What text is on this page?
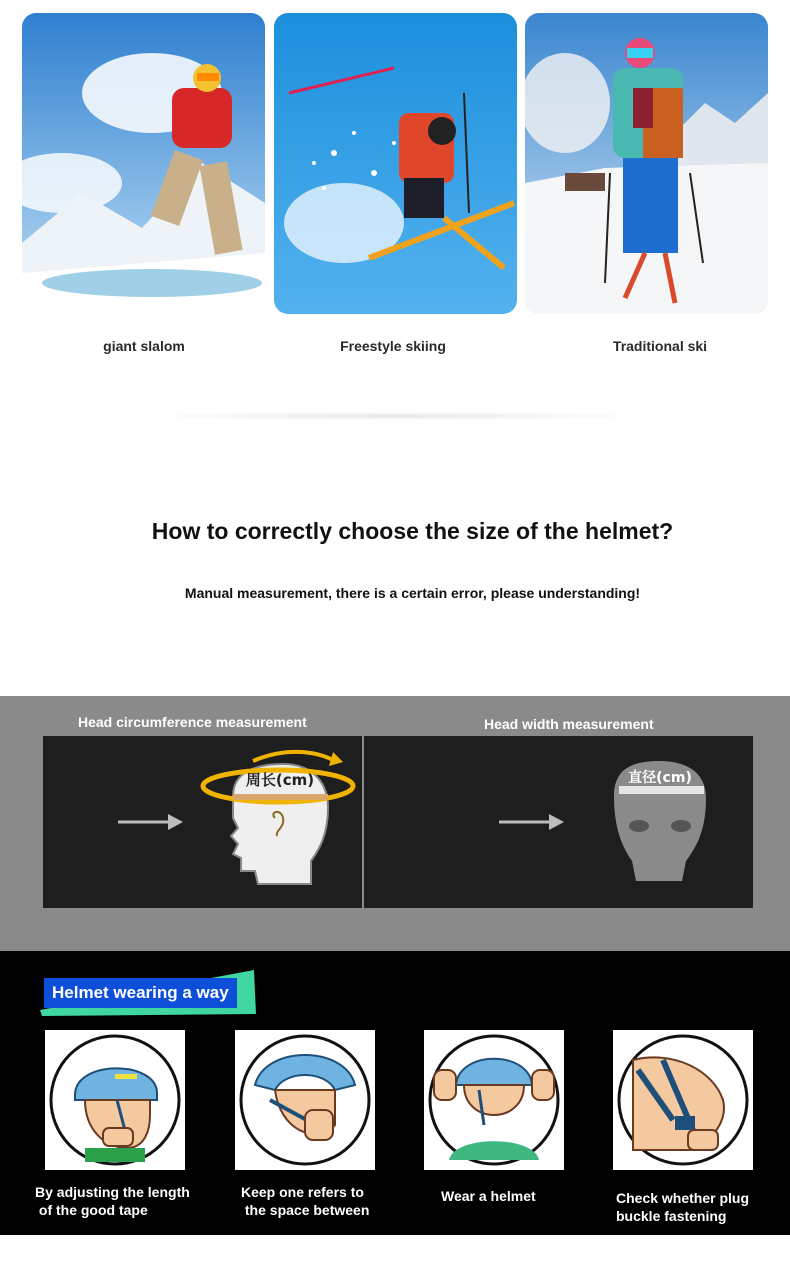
giant slalom	Freestyle skiing	Traditional ski
How to correctly choose the size of the helmet?
Manual measurement, there is a certain error, please understanding!
Head circumference measurement	Head width measurement
周长(cm)	直径(cm)
Helmet wearing a way
By adjusting the length
of the good tape
Keep one refers to
the space between
Wear a helmet	Check whether plug
buckle fastening
